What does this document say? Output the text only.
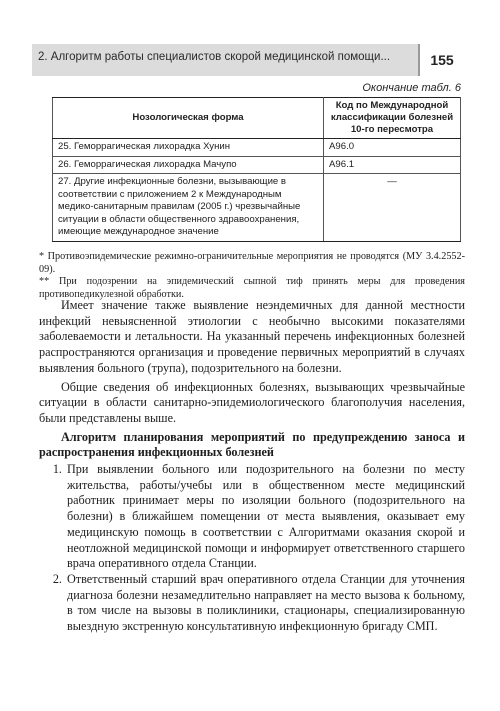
2. Алгоритм работы специалистов скорой медицинской помощи...	155
Окончание табл. 6
Нозологическая форма	Код по Международной классификации болезней 10-го пересмотра
25. Геморрагическая лихорадка Хунин	A96.0
26. Геморрагическая лихорадка Мачупо	A96.1
27. Другие инфекционные болезни, вызывающие в соответствии с приложением 2 к Международным медико-санитарным правилам (2005 г.) чрезвычайные ситуации в области общественного здравоохранения, имеющие международное значение	—

* Противоэпидемические режимно-ограничительные мероприятия не проводятся (МУ 3.4.2552-09).

** При подозрении на эпидемический сыпной тиф принять меры для проведения противопедикулезной обработки.

Имеет значение также выявление неэндемичных для данной местности инфекций невыясненной этиологии с необычно высокими показателями заболеваемости и летальности. На указанный перечень инфекционных болезней распространяются организация и проведение первичных мероприятий в случаях выявления больного (трупа), подозрительного на болезни.

Общие сведения об инфекционных болезнях, вызывающих чрезвычайные ситуации в области санитарно-эпидемиологического благополучия населения, были представлены выше.

Алгоритм планирования мероприятий по предупреждению заноса и распространения инфекционных болезней
1. При выявлении больного или подозрительного на болезни по месту жительства, работы/учебы или в общественном месте медицинский работник принимает меры по изоляции больного (подозрительного на болезни) в ближайшем помещении от места выявления, оказывает ему медицинскую помощь в соответствии с Алгоритмами оказания скорой и неотложной медицинской помощи и информирует ответственного старшего врача оперативного отдела Станции.
2. Ответственный старший врач оперативного отдела Станции для уточнения диагноза болезни незамедлительно направляет на место вызова к больному, в том числе на вызовы в поликлиники, стационары, специализированную выездную экстренную консультативную инфекционную бригаду СМП.
